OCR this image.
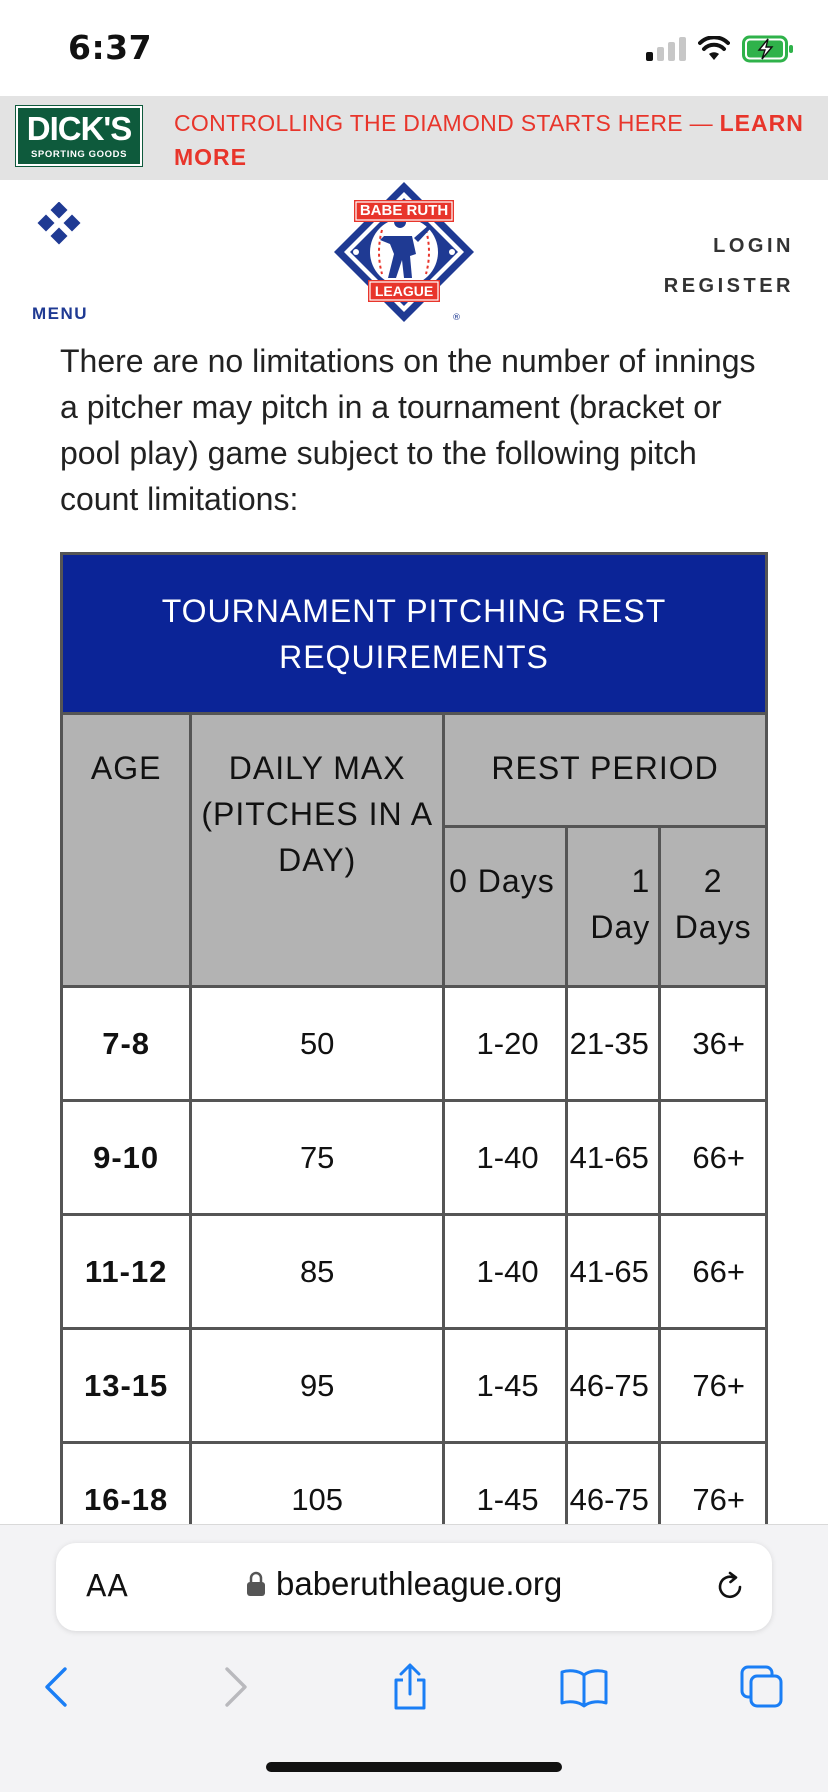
6:37
DICK'S
SPORTING GOODS
CONTROLLING THE DIAMOND STARTS HERE — LEARN MORE
MENU	®
BABE RUTH
LEAGUE
LOGIN
REGISTER

There are no limitations on the number of innings a pitcher may pitch in a tournament (bracket or pool play) game subject to the following pitch count limitations:

TOURNAMENT PITCHING REST REQUIREMENTS				
AGE	DAILY MAX (PITCHES IN A DAY)	REST PERIOD		
		0 Days	1 Day	2 Days
7-8	50	1-20	21-35	36+
9-10	75	1-40	41-65	66+
11-12	85	1-40	41-65	66+
13-15	95	1-45	46-75	76+
16-18	105	1-45	46-75	76+
AA	baberuthleague.org
